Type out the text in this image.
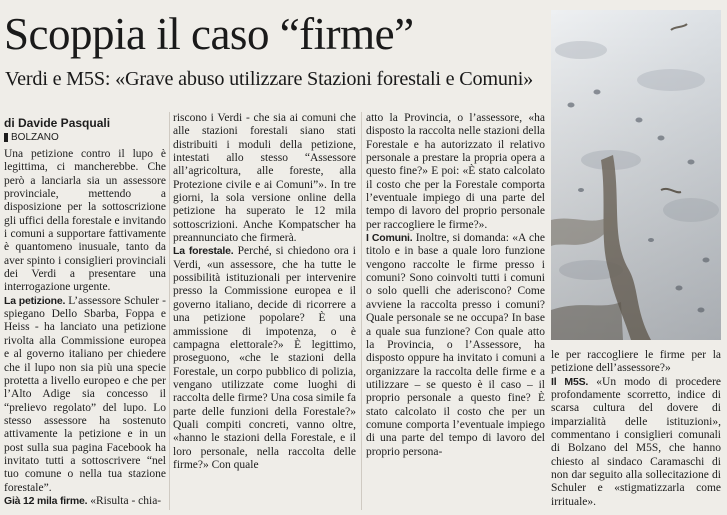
Scoppia il caso “firme”
Verdi e M5S: «Grave abuso utilizzare Stazioni forestali e Comuni»

di Davide Pasquali

BOLZANO

Una petizione contro il lupo è legittima, ci mancherebbe. Che però a lanciarla sia un assessore provinciale, mettendo a disposizione per la sottoscrizione gli uffici della forestale e invitando i comuni a supportare fattivamente è quantomeno inusuale, tanto da aver spinto i consiglieri provinciali dei Verdi a presentare una interrogazione urgente.

La petizione. L’assessore Schuler - spiegano Dello Sbarba, Foppa e Heiss - ha lanciato una petizione rivolta alla Commissione europea e al governo italiano per chiedere che il lupo non sia più una specie protetta a livello europeo e che per l’Alto Adige sia concesso il “prelievo regolato” del lupo. Lo stesso assessore ha sostenuto attivamente la petizione e in un post sulla sua pagina Facebook ha invitato tutti a sottoscrivere “nel tuo comune o nella tua stazione forestale”.

Già 12 mila firme. «Risulta - chia-

riscono i Verdi - che sia ai comuni che alle stazioni forestali siano stati distribuiti i moduli della petizione, intestati allo stesso “Assessore all’agricoltura, alle foreste, alla Protezione civile e ai Comuni”». In tre giorni, la sola versione online della petizione ha superato le 12 mila sottoscrizioni. Anche Kompatscher ha preannunciato che firmerà.

La forestale. Perché, si chiedono ora i Verdi, «un assessore, che ha tutte le possibilità istituzionali per intervenire presso la Commissione europea e il governo italiano, decide di ricorrere a una petizione popolare? È una ammissione di impotenza, o è campagna elettorale?» È legittimo, proseguono, «che le stazioni della Forestale, un corpo pubblico di polizia, vengano utilizzate come luoghi di raccolta delle firme? Una cosa simile fa parte delle funzioni della Forestale?» Quali compiti concreti, vanno oltre, «hanno le stazioni della Forestale, e il loro personale, nella raccolta delle firme?» Con quale

atto la Provincia, o l’assessore, «ha disposto la raccolta nelle stazioni della Forestale e ha autorizzato il relativo personale a prestare la propria opera a questo fine?» E poi: «È stato calcolato il costo che per la Forestale comporta l’eventuale impiego di una parte del tempo di lavoro del proprio personale per raccogliere le firme?».

I Comuni. Inoltre, si domanda: «A che titolo e in base a quale loro funzione vengono raccolte le firme presso i comuni? Sono coinvolti tutti i comuni o solo quelli che aderiscono? Come avviene la raccolta presso i comuni? Quale personale se ne occupa? In base a quale sua funzione? Con quale atto la Provincia, o l’Assessore, ha disposto oppure ha invitato i comuni a organizzare la raccolta delle firme e a utilizzare – se questo è il caso – il proprio personale a questo fine? È stato calcolato il costo che per un comune comporta l’eventuale impiego di una parte del tempo di lavoro del proprio persona-

le per raccogliere le firme per la petizione dell’assessore?»

Il M5S. «Un modo di procedere profondamente scorretto, indice di scarsa cultura del dovere di imparzialità delle istituzioni», commentano i consiglieri comunali di Bolzano del M5S, che hanno chiesto al sindaco Caramaschi di non dar seguito alla sollecitazione di Schuler e «stigmatizzarla come irrituale».
